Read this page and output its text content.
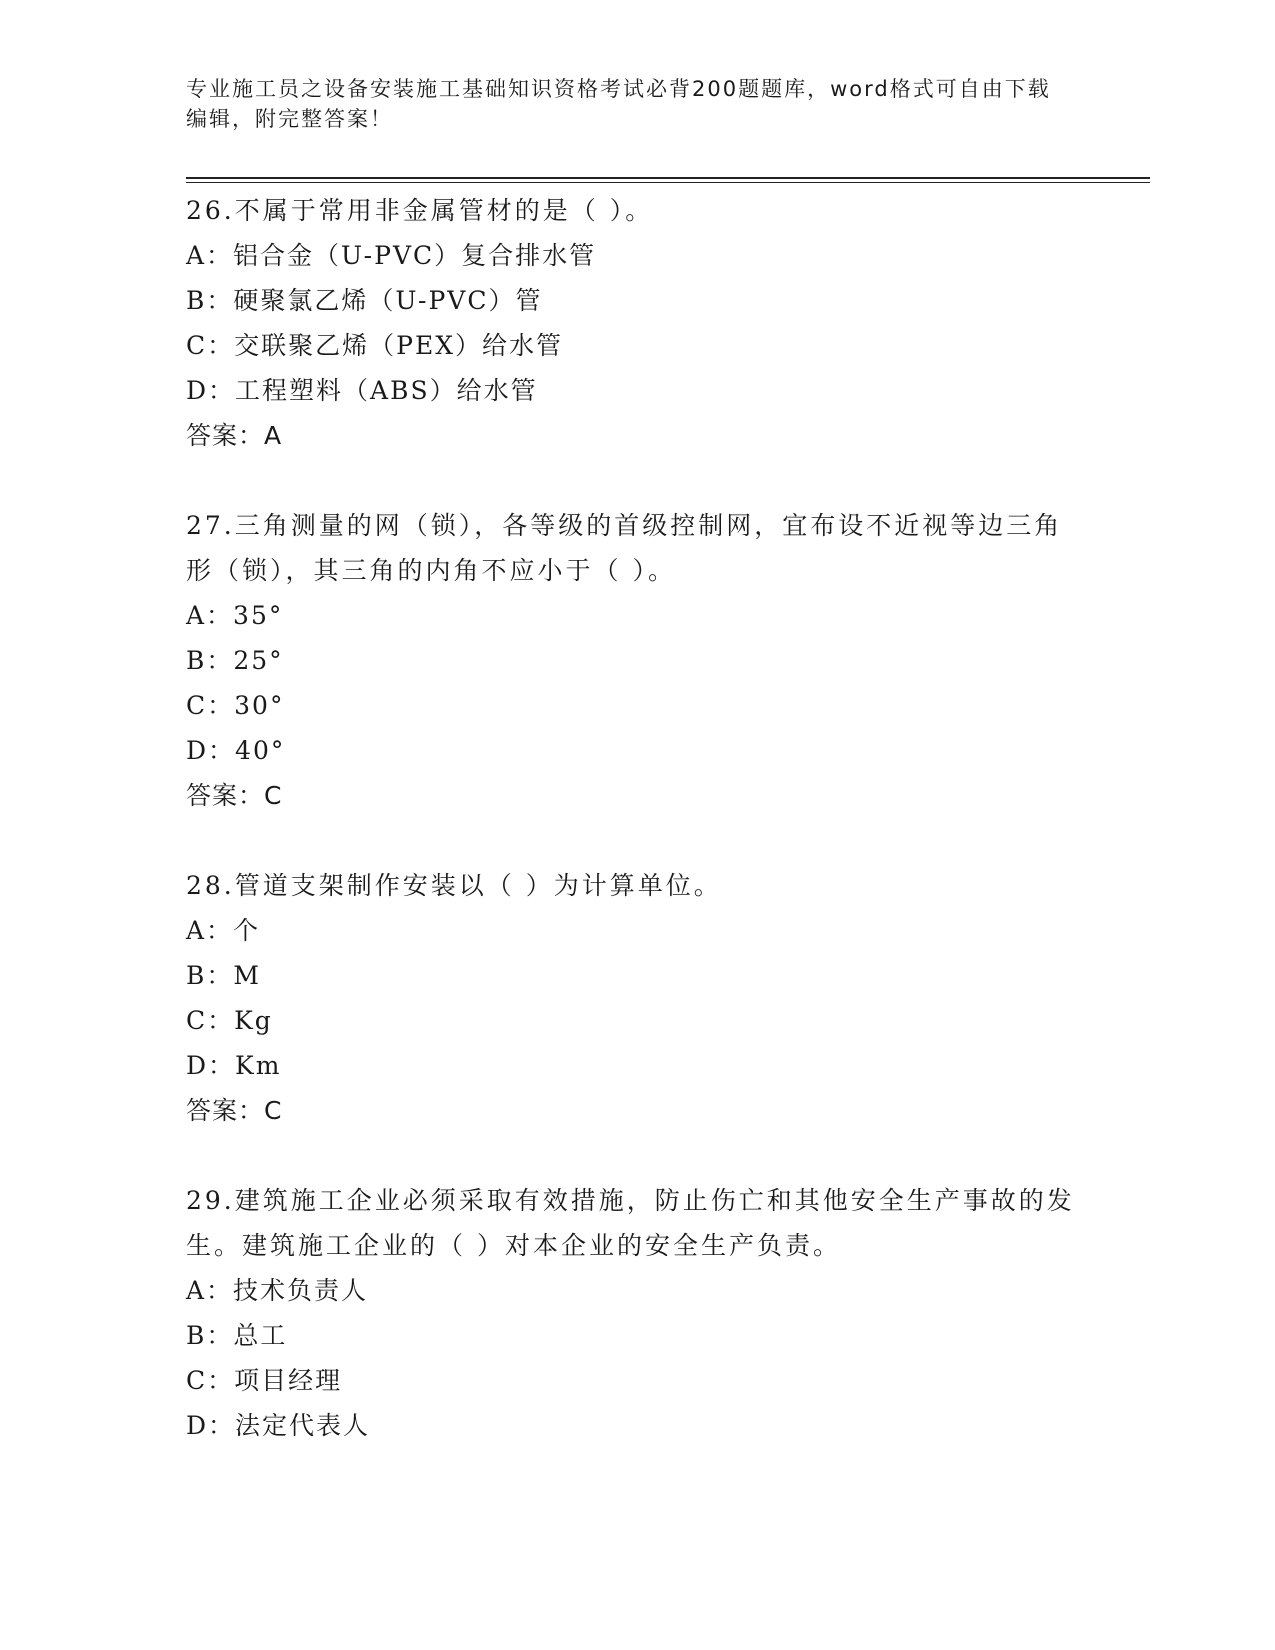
专业施工员之设备安装施工基础知识资格考试必背200题题库，word格式可自由下载编辑，附完整答案！
26.不属于常用非金属管材的是（ ）。
A：铝合金（U-PVC）复合排水管
B：硬聚氯乙烯（U-PVC）管
C：交联聚乙烯（PEX）给水管
D：工程塑料（ABS）给水管
答案：A
27.三角测量的网（锁），各等级的首级控制网，宜布设不近视等边三角形（锁），其三角的内角不应小于（ ）。
A：35°
B：25°
C：30°
D：40°
答案：C
28.管道支架制作安装以（ ）为计算单位。
A：个
B：M
C：Kg
D：Km
答案：C
29.建筑施工企业必须采取有效措施，防止伤亡和其他安全生产事故的发生。建筑施工企业的（ ）对本企业的安全生产负责。
A：技术负责人
B：总工
C：项目经理
D：法定代表人
